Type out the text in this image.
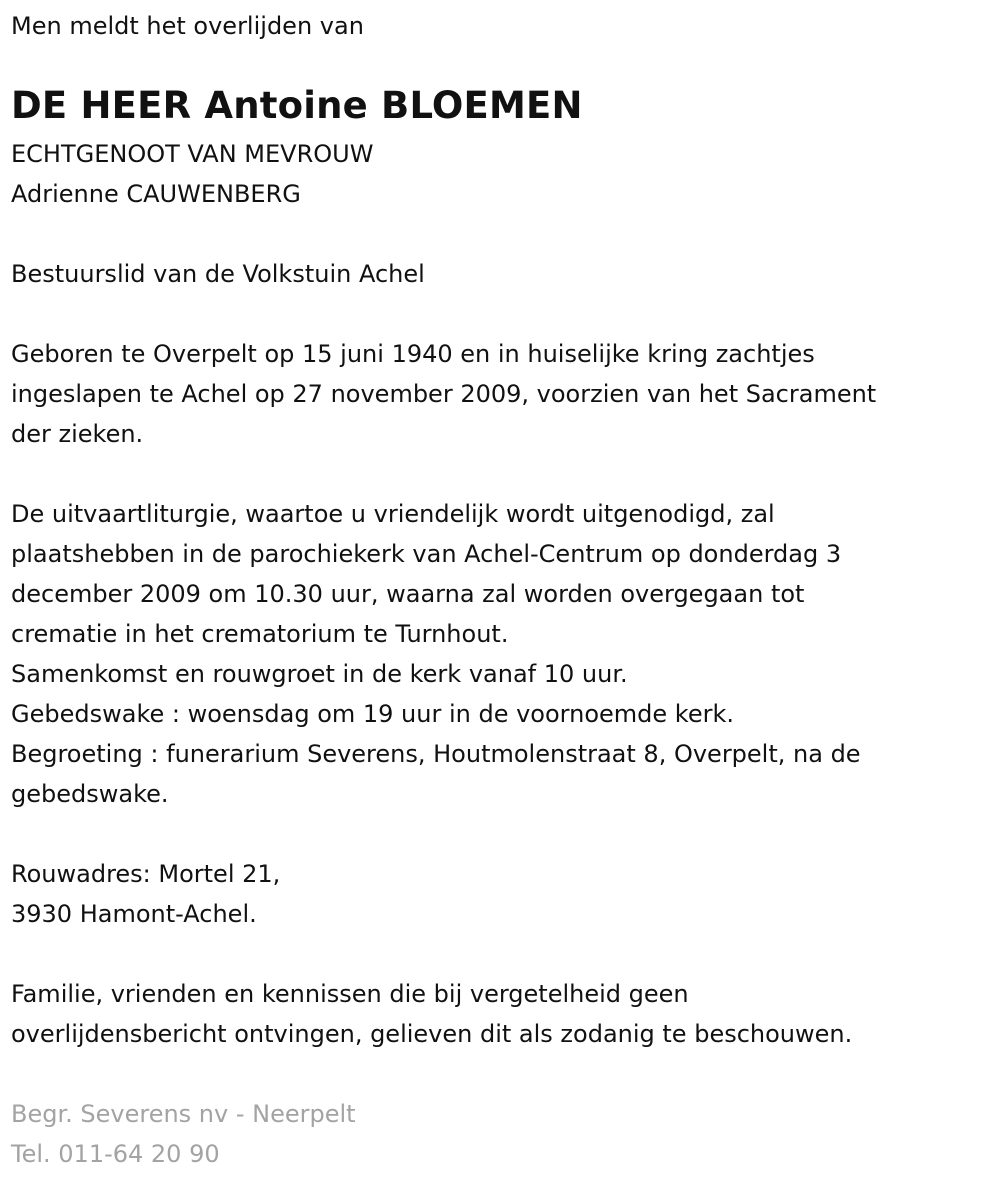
Men meldt het overlijden van
DE HEER Antoine BLOEMEN
ECHTGENOOT VAN MEVROUW
Adrienne CAUWENBERG
Bestuurslid van de Volkstuin Achel
Geboren te Overpelt op 15 juni 1940 en in huiselijke kring zachtjes
ingeslapen te Achel op 27 november 2009, voorzien van het Sacrament
der zieken.
De uitvaartliturgie, waartoe u vriendelijk wordt uitgenodigd, zal
plaatshebben in de parochiekerk van Achel-Centrum op donderdag 3
december 2009 om 10.30 uur, waarna zal worden overgegaan tot
crematie in het crematorium te Turnhout.
Samenkomst en rouwgroet in de kerk vanaf 10 uur.
Gebedswake : woensdag om 19 uur in de voornoemde kerk.
Begroeting : funerarium Severens, Houtmolenstraat 8, Overpelt, na de
gebedswake.
Rouwadres: Mortel 21,
3930 Hamont-Achel.
Familie, vrienden en kennissen die bij vergetelheid geen
overlijdensbericht ontvingen, gelieven dit als zodanig te beschouwen.
Begr. Severens nv - Neerpelt
Tel. 011-64 20 90
